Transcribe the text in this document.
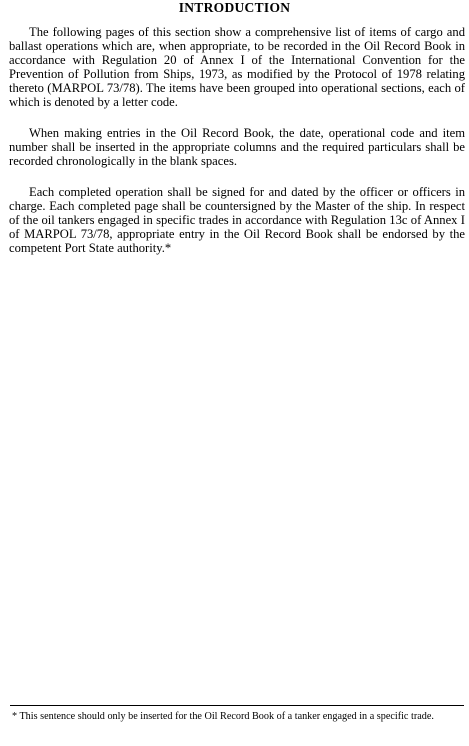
INTRODUCTION

The following pages of this section show a comprehensive list of items of cargo and ballast operations which are, when appropriate, to be recorded in the Oil Record Book in accordance with Regulation 20 of Annex I of the International Convention for the Prevention of Pollution from Ships, 1973, as modified by the Protocol of 1978 relating thereto (MARPOL 73/78). The items have been grouped into operational sections, each of which is denoted by a letter code.

When making entries in the Oil Record Book, the date, operational code and item number shall be inserted in the appropriate columns and the required particulars shall be recorded chronologically in the blank spaces.

Each completed operation shall be signed for and dated by the officer or officers in charge. Each completed page shall be countersigned by the Master of the ship. In respect of the oil tankers engaged in specific trades in accordance with Regulation 13c of Annex I of MARPOL 73/78, appropriate entry in the Oil Record Book shall be endorsed by the competent Port State authority.*

* This sentence should only be inserted for the Oil Record Book of a tanker engaged in a specific trade.
